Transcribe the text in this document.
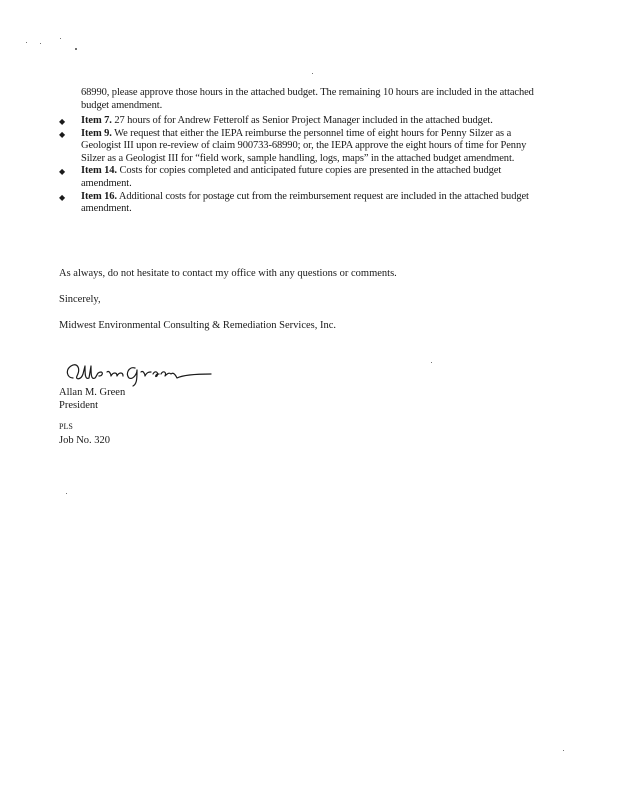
68990, please approve those hours in the attached budget. The remaining 10 hours are included in the attached budget amendment.
◆ Item 7. 27 hours of for Andrew Fetterolf as Senior Project Manager included in the attached budget.
◆ Item 9. We request that either the IEPA reimburse the personnel time of eight hours for Penny Silzer as a Geologist III upon re-review of claim 900733-68990; or, the IEPA approve the eight hours of time for Penny Silzer as a Geologist III for “field work, sample handling, logs, maps” in the attached budget amendment.
◆ Item 14. Costs for copies completed and anticipated future copies are presented in the attached budget amendment.
◆ Item 16. Additional costs for postage cut from the reimbursement request are included in the attached budget amendment.
As always, do not hesitate to contact my office with any questions or comments.
Sincerely,
Midwest Environmental Consulting & Remediation Services, Inc.
Allan M. Green
President
PLS
Job No. 320
